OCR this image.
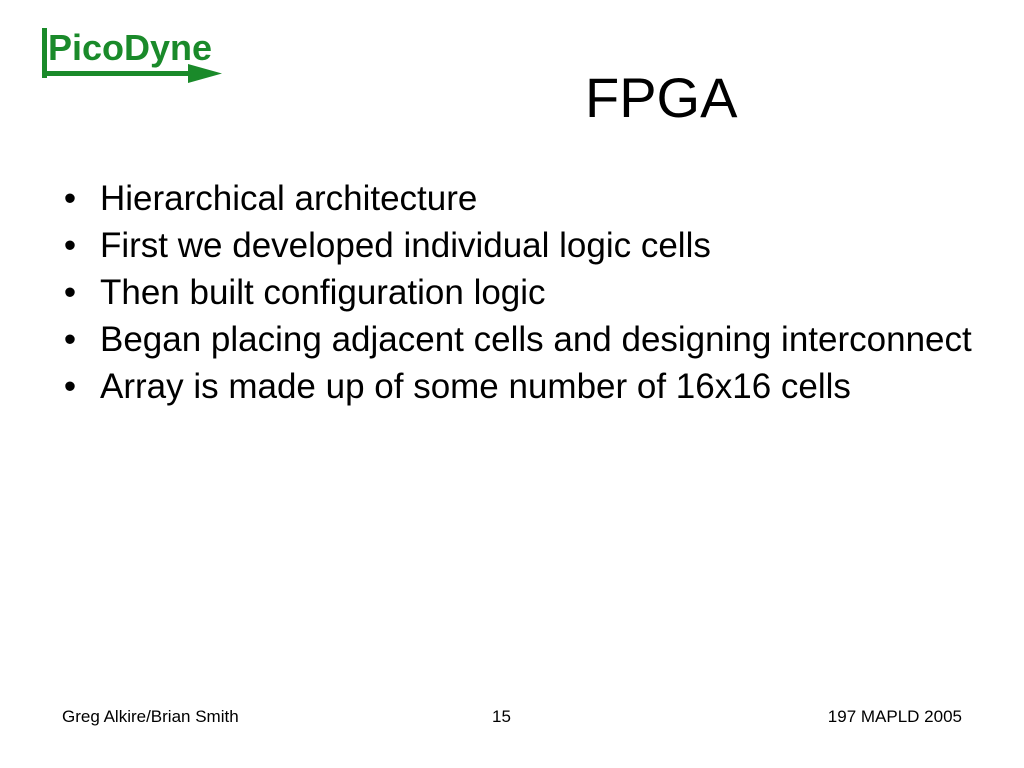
PicoDyne
FPGA
• Hierarchical architecture
• First we developed individual logic cells
• Then built configuration logic
• Began placing adjacent cells and designing interconnect
• Array is made up of some number of 16x16 cells
Greg Alkire/Brian Smith	15	197 MAPLD 2005
